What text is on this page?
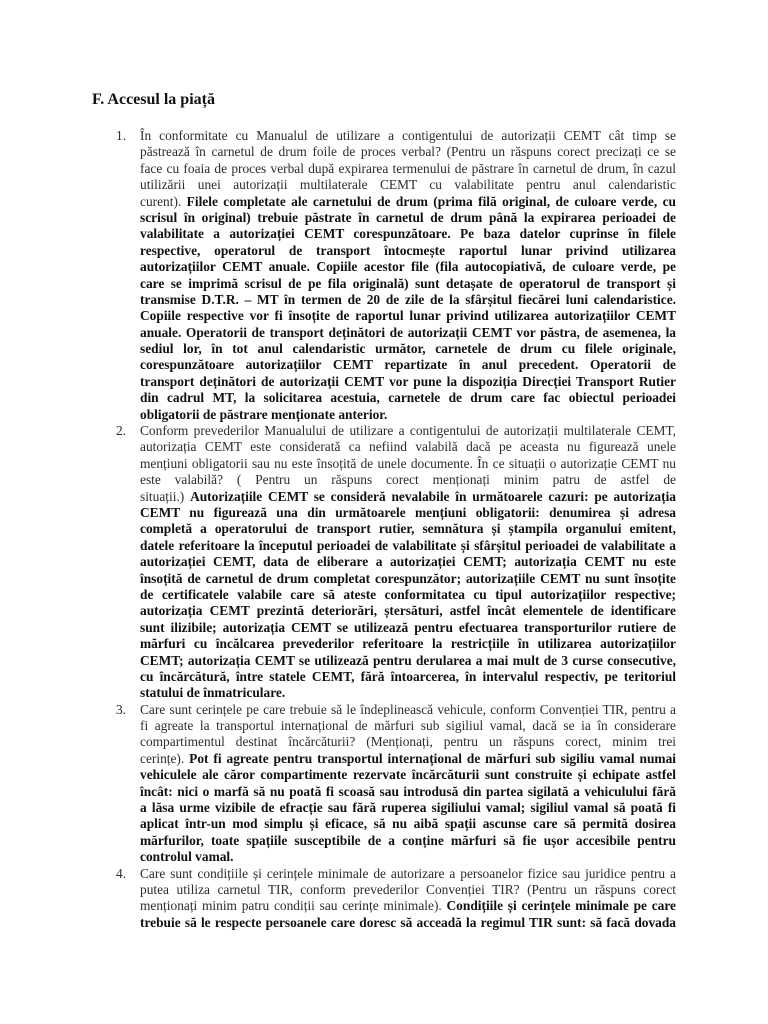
F. Accesul la piață
1. În conformitate cu Manualul de utilizare a contigentului de autorizații CEMT cât timp se
păstrează în carnetul de drum foile de proces verbal? (Pentru un răspuns corect precizați ce se
face cu foaia de proces verbal după expirarea termenului de păstrare în carnetul de drum, în cazul
utilizării unei autorizații multilaterale CEMT cu valabilitate pentru anul calendaristic
curent). Filele completate ale carnetului de drum (prima filă original, de culoare verde, cu
scrisul în original) trebuie păstrate în carnetul de drum până la expirarea perioadei de
valabilitate a autorizației CEMT corespunzătoare. Pe baza datelor cuprinse în filele
respective, operatorul de transport întocmește raportul lunar privind utilizarea
autorizațiilor CEMT anuale. Copiile acestor file (fila autocopiativă, de culoare verde, pe
care se imprimă scrisul de pe fila originală) sunt detașate de operatorul de transport și
transmise D.T.R. – MT în termen de 20 de zile de la sfârșitul fiecărei luni calendaristice.
Copiile respective vor fi însoțite de raportul lunar privind utilizarea autorizațiilor CEMT
anuale. Operatorii de transport deținători de autorizații CEMT vor păstra, de asemenea, la
sediul lor, în tot anul calendaristic următor, carnetele de drum cu filele originale,
corespunzătoare autorizațiilor CEMT repartizate în anul precedent. Operatorii de
transport deținători de autorizații CEMT vor pune la dispoziția Direcției Transport Rutier
din cadrul MT, la solicitarea acestuia, carnetele de drum care fac obiectul perioadei
obligatorii de păstrare menționate anterior.
2. Conform prevederilor Manualului de utilizare a contigentului de autorizații multilaterale CEMT,
autorizația CEMT este considerată ca nefiind valabilă dacă pe aceasta nu figurează unele
mențiuni obligatorii sau nu este însoțită de unele documente. În ce situații o autorizație CEMT nu
este valabilă? ( Pentru un răspuns corect menționați minim patru de astfel de
situații.) Autorizațiile CEMT se consideră nevalabile în următoarele cazuri: pe autorizația
CEMT nu figurează una din următoarele mențiuni obligatorii: denumirea și adresa
completă a operatorului de transport rutier, semnătura și ștampila organului emitent,
datele referitoare la începutul perioadei de valabilitate și sfârșitul perioadei de valabilitate a
autorizației CEMT, data de eliberare a autorizației CEMT; autorizația CEMT nu este
însoțită de carnetul de drum completat corespunzător; autorizațiile CEMT nu sunt însoțite
de certificatele valabile care să ateste conformitatea cu tipul autorizațiilor respective;
autorizația CEMT prezintă deteriorări, ștersături, astfel încât elementele de identificare
sunt ilizibile; autorizația CEMT se utilizează pentru efectuarea transporturilor rutiere de
mărfuri cu încălcarea prevederilor referitoare la restricțiile în utilizarea autorizațiilor
CEMT; autorizația CEMT se utilizează pentru derularea a mai mult de 3 curse consecutive,
cu încărcătură, între statele CEMT, fără întoarcerea, în intervalul respectiv, pe teritoriul
statului de înmatriculare.
3. Care sunt cerințele pe care trebuie să le îndeplinească vehicule, conform Convenției TIR, pentru a
fi agreate la transportul internațional de mărfuri sub sigiliul vamal, dacă se ia în considerare
compartimentul destinat încărcăturii? (Menționați, pentru un răspuns corect, minim trei
cerințe). Pot fi agreate pentru transportul internațional de mărfuri sub sigiliu vamal numai
vehiculele ale căror compartimente rezervate încărcăturii sunt construite și echipate astfel
încât: nici o marfă să nu poată fi scoasă sau introdusă din partea sigilată a vehiculului fără
a lăsa urme vizibile de efracție sau fără ruperea sigiliului vamal; sigiliul vamal să poată fi
aplicat într-un mod simplu și eficace, să nu aibă spații ascunse care să permită dosirea
mărfurilor, toate spațiile susceptibile de a conține mărfuri să fie ușor accesibile pentru
controlul vamal.
4. Care sunt condițiile și cerințele minimale de autorizare a persoanelor fizice sau juridice pentru a
putea utiliza carnetul TIR, conform prevederilor Convenției TIR? (Pentru un răspuns corect
menționați minim patru condiții sau cerințe minimale). Condițiile și cerințele minimale pe care
trebuie să le respecte persoanele care doresc să acceadă la regimul TIR sunt: să facă dovada
